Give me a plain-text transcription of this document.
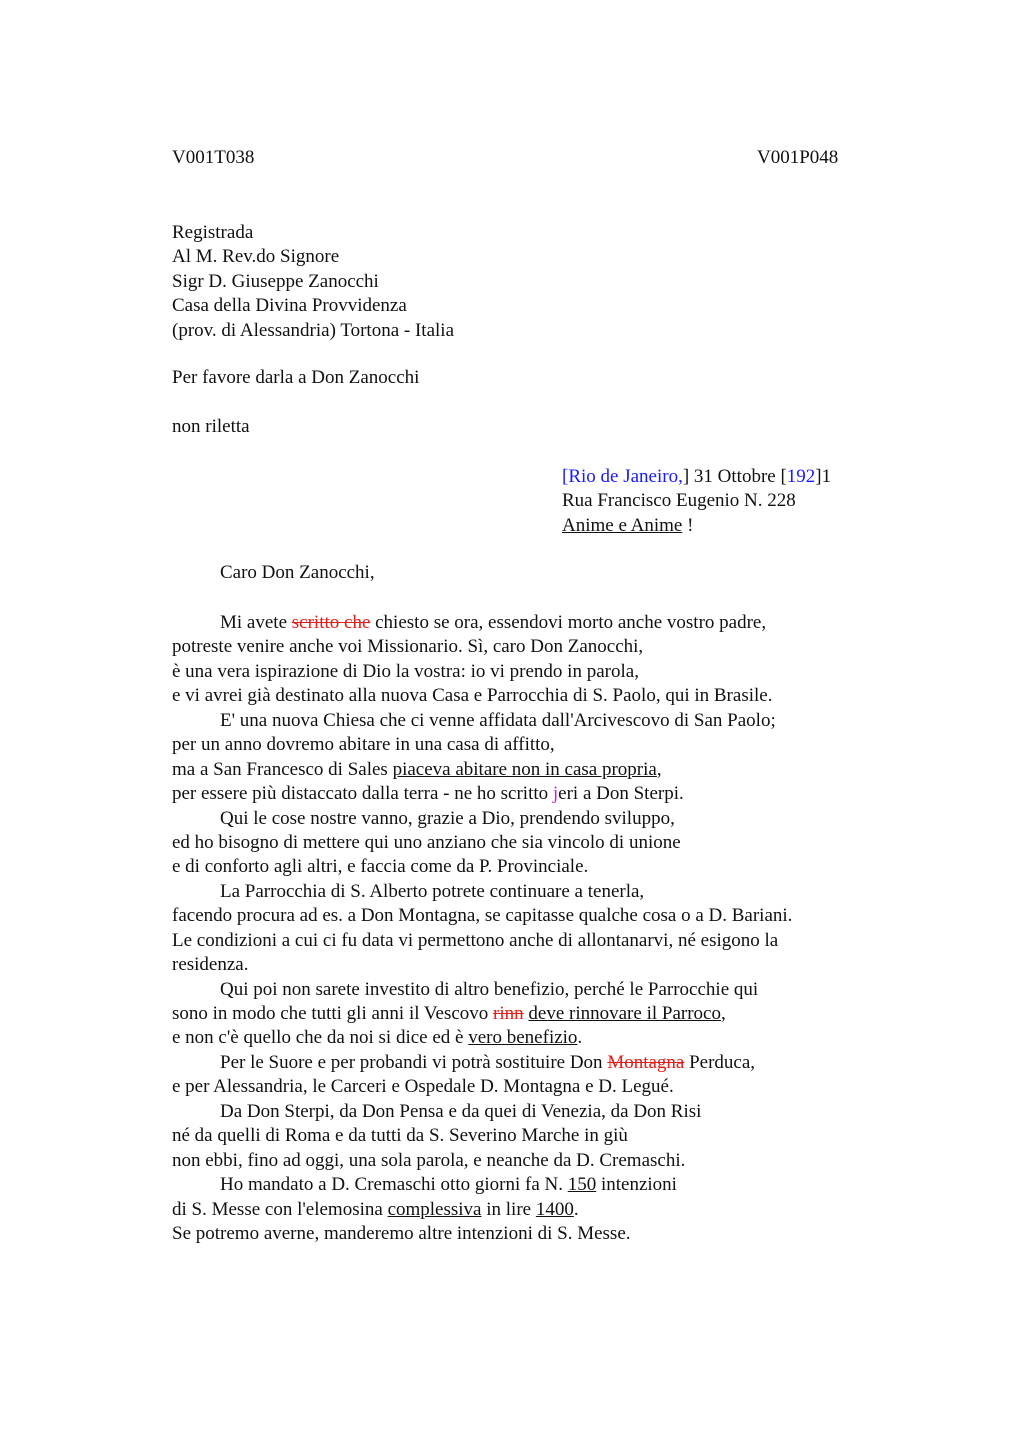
V001T038	V001P048
Registrada
Al M. Rev.do Signore
Sigr D. Giuseppe Zanocchi
Casa della Divina Provvidenza
(prov. di Alessandria) Tortona - Italia
Per favore darla a Don Zanocchi
non riletta
[Rio de Janeiro,] 31 Ottobre [192]1
Rua Francisco Eugenio N. 228
Anime e Anime !
Caro Don Zanocchi,
Mi avete scritto che chiesto se ora, essendovi morto anche vostro padre,
potreste venire anche voi Missionario. Sì, caro Don Zanocchi,
è una vera ispirazione di Dio la vostra: io vi prendo in parola,
e vi avrei già destinato alla nuova Casa e Parrocchia di S. Paolo, qui in Brasile.
E' una nuova Chiesa che ci venne affidata dall'Arcivescovo di San Paolo;
per un anno dovremo abitare in una casa di affitto,
ma a San Francesco di Sales piaceva abitare non in casa propria,
per essere più distaccato dalla terra - ne ho scritto jeri a Don Sterpi.
Qui le cose nostre vanno, grazie a Dio, prendendo sviluppo,
ed ho bisogno di mettere qui uno anziano che sia vincolo di unione
e di conforto agli altri, e faccia come da P. Provinciale.
La Parrocchia di S. Alberto potrete continuare a tenerla,
facendo procura ad es. a Don Montagna, se capitasse qualche cosa o a D. Bariani.
Le condizioni a cui ci fu data vi permettono anche di allontanarvi, né esigono la
residenza.
Qui poi non sarete investito di altro benefizio, perché le Parrocchie qui
sono in modo che tutti gli anni il Vescovo rinn deve rinnovare il Parroco,
e non c'è quello che da noi si dice ed è vero benefizio.
Per le Suore e per probandi vi potrà sostituire Don Montagna Perduca,
e per Alessandria, le Carceri e Ospedale D. Montagna e D. Legué.
Da Don Sterpi, da Don Pensa e da quei di Venezia, da Don Risi
né da quelli di Roma e da tutti da S. Severino Marche in giù
non ebbi, fino ad oggi, una sola parola, e neanche da D. Cremaschi.
Ho mandato a D. Cremaschi otto giorni fa N. 150 intenzioni
di S. Messe con l'elemosina complessiva in lire 1400.
Se potremo averne, manderemo altre intenzioni di S. Messe.
